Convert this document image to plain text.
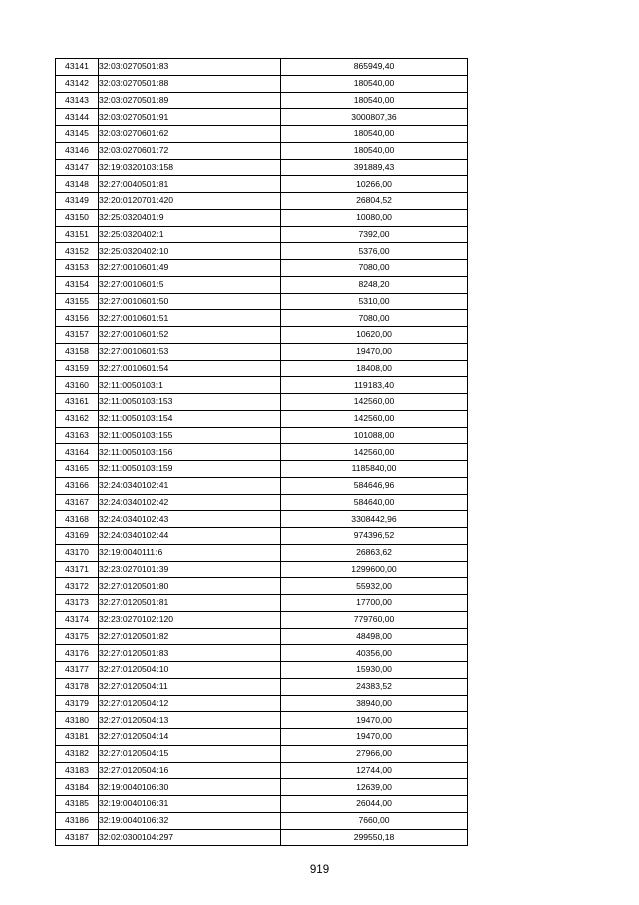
43141	32:03:0270501:83	865949,40
43142	32:03:0270501:88	180540,00
43143	32:03:0270501:89	180540,00
43144	32:03:0270501:91	3000807,36
43145	32:03:0270601:62	180540,00
43146	32:03:0270601:72	180540,00
43147	32:19:0320103:158	391889,43
43148	32:27:0040501:81	10266,00
43149	32:20:0120701:420	26804,52
43150	32:25:0320401:9	10080,00
43151	32:25:0320402:1	7392,00
43152	32:25:0320402:10	5376,00
43153	32:27:0010601:49	7080,00
43154	32:27:0010601:5	8248,20
43155	32:27:0010601:50	5310,00
43156	32:27:0010601:51	7080,00
43157	32:27:0010601:52	10620,00
43158	32:27:0010601:53	19470,00
43159	32:27:0010601:54	18408,00
43160	32:11:0050103:1	119183,40
43161	32:11:0050103:153	142560,00
43162	32:11:0050103:154	142560,00
43163	32:11:0050103:155	101088,00
43164	32:11:0050103:156	142560,00
43165	32:11:0050103:159	1185840,00
43166	32:24:0340102:41	584646,96
43167	32:24:0340102:42	584640,00
43168	32:24:0340102:43	3308442,96
43169	32:24:0340102:44	974396,52
43170	32:19:0040111:6	26863,62
43171	32:23:0270101:39	1299600,00
43172	32:27:0120501:80	55932,00
43173	32:27:0120501:81	17700,00
43174	32:23:0270102:120	779760,00
43175	32:27:0120501:82	48498,00
43176	32:27:0120501:83	40356,00
43177	32:27:0120504:10	15930,00
43178	32:27:0120504:11	24383,52
43179	32:27:0120504:12	38940,00
43180	32:27:0120504:13	19470,00
43181	32:27:0120504:14	19470,00
43182	32:27:0120504:15	27966,00
43183	32:27:0120504:16	12744,00
43184	32:19:0040106:30	12639,00
43185	32:19:0040106:31	26044,00
43186	32:19:0040106:32	7660,00
43187	32:02:0300104:297	299550,18
919
